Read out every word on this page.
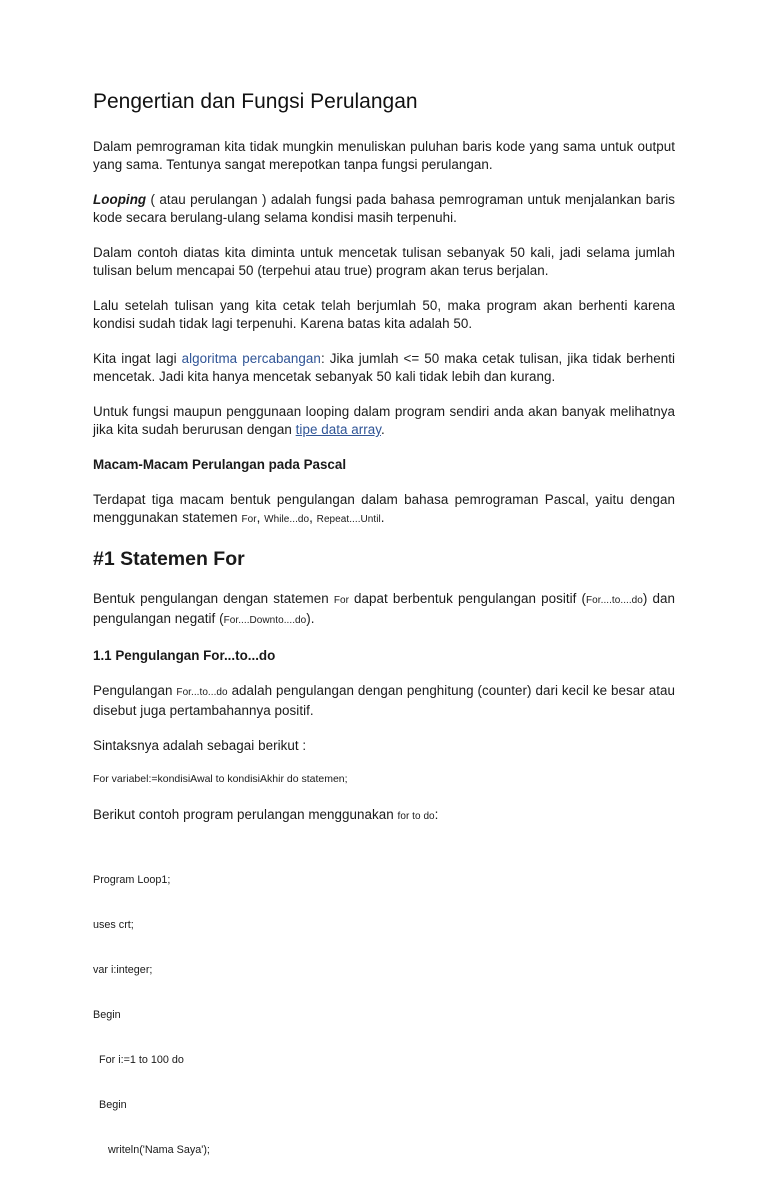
Pengertian dan Fungsi Perulangan

Dalam pemrograman kita tidak mungkin menuliskan puluhan baris kode yang sama untuk output yang sama. Tentunya sangat merepotkan tanpa fungsi perulangan.

Looping ( atau perulangan ) adalah fungsi pada bahasa pemrograman untuk menjalankan baris kode secara berulang-ulang selama kondisi masih terpenuhi.

Dalam contoh diatas kita diminta untuk mencetak tulisan sebanyak 50 kali, jadi selama jumlah tulisan belum mencapai 50 (terpehui atau true) program akan terus berjalan.

Lalu setelah tulisan yang kita cetak telah berjumlah 50, maka program akan berhenti karena kondisi sudah tidak lagi terpenuhi. Karena batas kita adalah 50.

Kita ingat lagi algoritma percabangan: Jika jumlah <= 50 maka cetak tulisan, jika tidak berhenti mencetak. Jadi kita hanya mencetak sebanyak 50 kali tidak lebih dan kurang.

Untuk fungsi maupun penggunaan looping dalam program sendiri anda akan banyak melihatnya jika kita sudah berurusan dengan tipe data array.

Macam-Macam Perulangan pada Pascal

Terdapat tiga macam bentuk pengulangan dalam bahasa pemrograman Pascal, yaitu dengan menggunakan statemen For, While...do, Repeat....Until.

#1 Statemen For

Bentuk pengulangan dengan statemen For dapat berbentuk pengulangan positif (For....to....do) dan pengulangan negatif (For....Downto....do).

1.1 Pengulangan For...to...do

Pengulangan For...to...do adalah pengulangan dengan penghitung (counter) dari kecil ke besar atau disebut juga pertambahannya positif.

Sintaksnya adalah sebagai berikut :

For variabel:=kondisiAwal to kondisiAkhir do statemen;

Berikut contoh program perulangan menggunakan for to do:

Program Loop1;

uses crt;

var i:integer;

Begin

For i:=1 to 100 do

Begin

writeln('Nama Saya');
